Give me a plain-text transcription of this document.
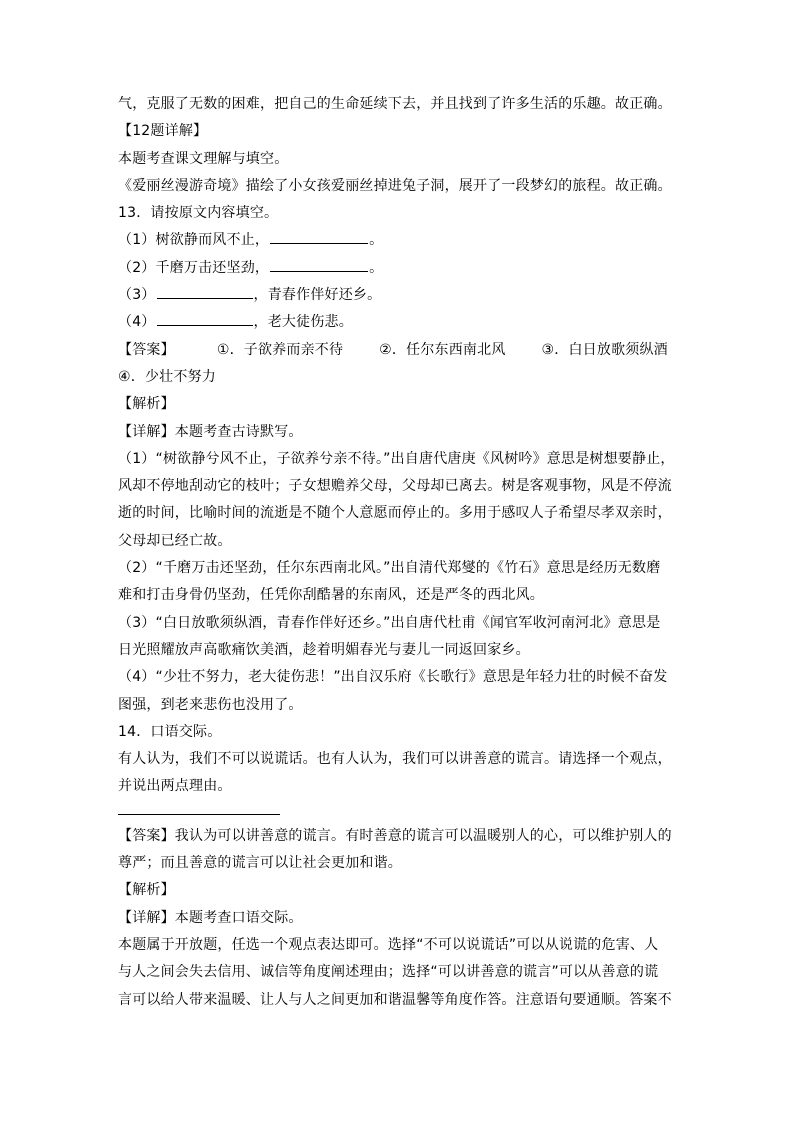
气，克服了无数的困难，把自己的生命延续下去，并且找到了许多生活的乐趣。故正确。
【12题详解】
本题考查课文理解与填空。
《爱丽丝漫游奇境》描绘了小女孩爱丽丝掉进兔子洞，展开了一段梦幻的旅程。故正确。
13．请按原文内容填空。
（1）树欲静而风不止，	。
（2）千磨万击还坚劲，	。
（3）	，青春作伴好还乡。
（4）	，老大徒伤悲。
【答案】	①．子欲养而亲不待	②．任尔东西南北风	③．白日放歌须纵酒
④．少壮不努力
【解析】
【详解】本题考查古诗默写。
（1）“树欲静兮风不止，子欲养兮亲不待。”出自唐代唐庚《风树吟》意思是树想要静止，
风却不停地刮动它的枝叶；子女想赡养父母，父母却已离去。树是客观事物，风是不停流
逝的时间，比喻时间的流逝是不随个人意愿而停止的。多用于感叹人子希望尽孝双亲时，
父母却已经亡故。
（2）“千磨万击还坚劲，任尔东西南北风。”出自清代郑燮的《竹石》意思是经历无数磨
难和打击身骨仍坚劲，任凭你刮酷暑的东南风，还是严冬的西北风。
（3）“白日放歌须纵酒，青春作伴好还乡。”出自唐代杜甫《闻官军收河南河北》意思是
日光照耀放声高歌痛饮美酒，趁着明媚春光与妻儿一同返回家乡。
（4）“少壮不努力，老大徒伤悲！”出自汉乐府《长歌行》意思是年轻力壮的时候不奋发
图强，到老来悲伤也没用了。
14．口语交际。
有人认为，我们不可以说谎话。也有人认为，我们可以讲善意的谎言。请选择一个观点，
并说出两点理由。
【答案】我认为可以讲善意的谎言。有时善意的谎言可以温暖别人的心，可以维护别人的
尊严；而且善意的谎言可以让社会更加和谐。
【解析】
【详解】本题考查口语交际。
本题属于开放题，任选一个观点表达即可。选择“不可以说谎话”可以从说谎的危害、人
与人之间会失去信用、诚信等角度阐述理由；选择“可以讲善意的谎言”可以从善意的谎
言可以给人带来温暖、让人与人之间更加和谐温馨等角度作答。注意语句要通顺。答案不
